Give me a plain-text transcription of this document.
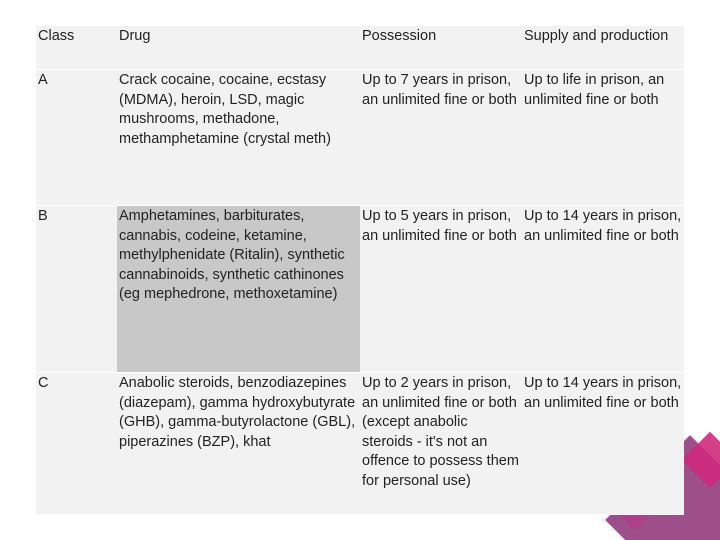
Class	Drug	Possession	Supply and production
A	Crack cocaine, cocaine, ecstasy (MDMA), heroin, LSD, magic mushrooms, methadone, methamphetamine (crystal meth)	Up to 7 years in prison, an unlimited fine or both	Up to life in prison, an unlimited fine or both
B	Amphetamines, barbiturates, cannabis, codeine, ketamine, methylphenidate (Ritalin), synthetic cannabinoids, synthetic cathinones (eg mephedrone, methoxetamine)	Up to 5 years in prison, an unlimited fine or both	Up to 14 years in prison, an unlimited fine or both
C	Anabolic steroids, benzodiazepines (diazepam), gamma hydroxybutyrate (GHB), gamma-butyrolactone (GBL), piperazines (BZP), khat	Up to 2 years in prison, an unlimited fine or both (except anabolic steroids - it's not an offence to possess them for personal use)	Up to 14 years in prison, an unlimited fine or both
